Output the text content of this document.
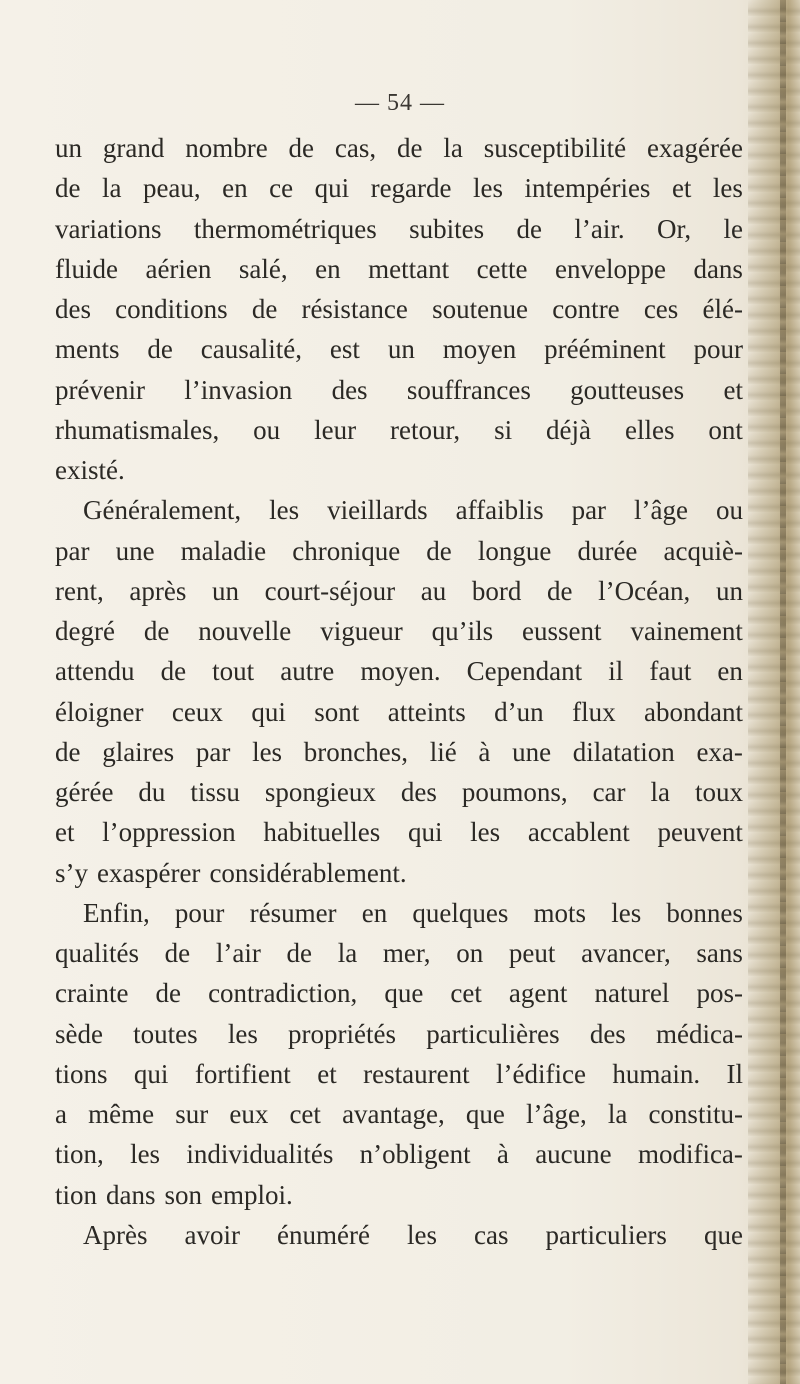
— 54 —
un grand nombre de cas, de la susceptibilité exagérée
de la peau, en ce qui regarde les intempéries et les
variations thermométriques subites de l’air. Or, le
fluide aérien salé, en mettant cette enveloppe dans
des conditions de résistance soutenue contre ces élé-
ments de causalité, est un moyen prééminent pour
prévenir l’invasion des souffrances goutteuses et
rhumatismales, ou leur retour, si déjà elles ont
existé.
Généralement, les vieillards affaiblis par l’âge ou
par une maladie chronique de longue durée acquiè-
rent, après un court-séjour au bord de l’Océan, un
degré de nouvelle vigueur qu’ils eussent vainement
attendu de tout autre moyen. Cependant il faut en
éloigner ceux qui sont atteints d’un flux abondant
de glaires par les bronches, lié à une dilatation exa-
gérée du tissu spongieux des poumons, car la toux
et l’oppression habituelles qui les accablent peuvent
s’y exaspérer considérablement.
Enfin, pour résumer en quelques mots les bonnes
qualités de l’air de la mer, on peut avancer, sans
crainte de contradiction, que cet agent naturel pos-
sède toutes les propriétés particulières des médica-
tions qui fortifient et restaurent l’édifice humain. Il
a même sur eux cet avantage, que l’âge, la constitu-
tion, les individualités n’obligent à aucune modifica-
tion dans son emploi.
Après avoir énuméré les cas particuliers que
